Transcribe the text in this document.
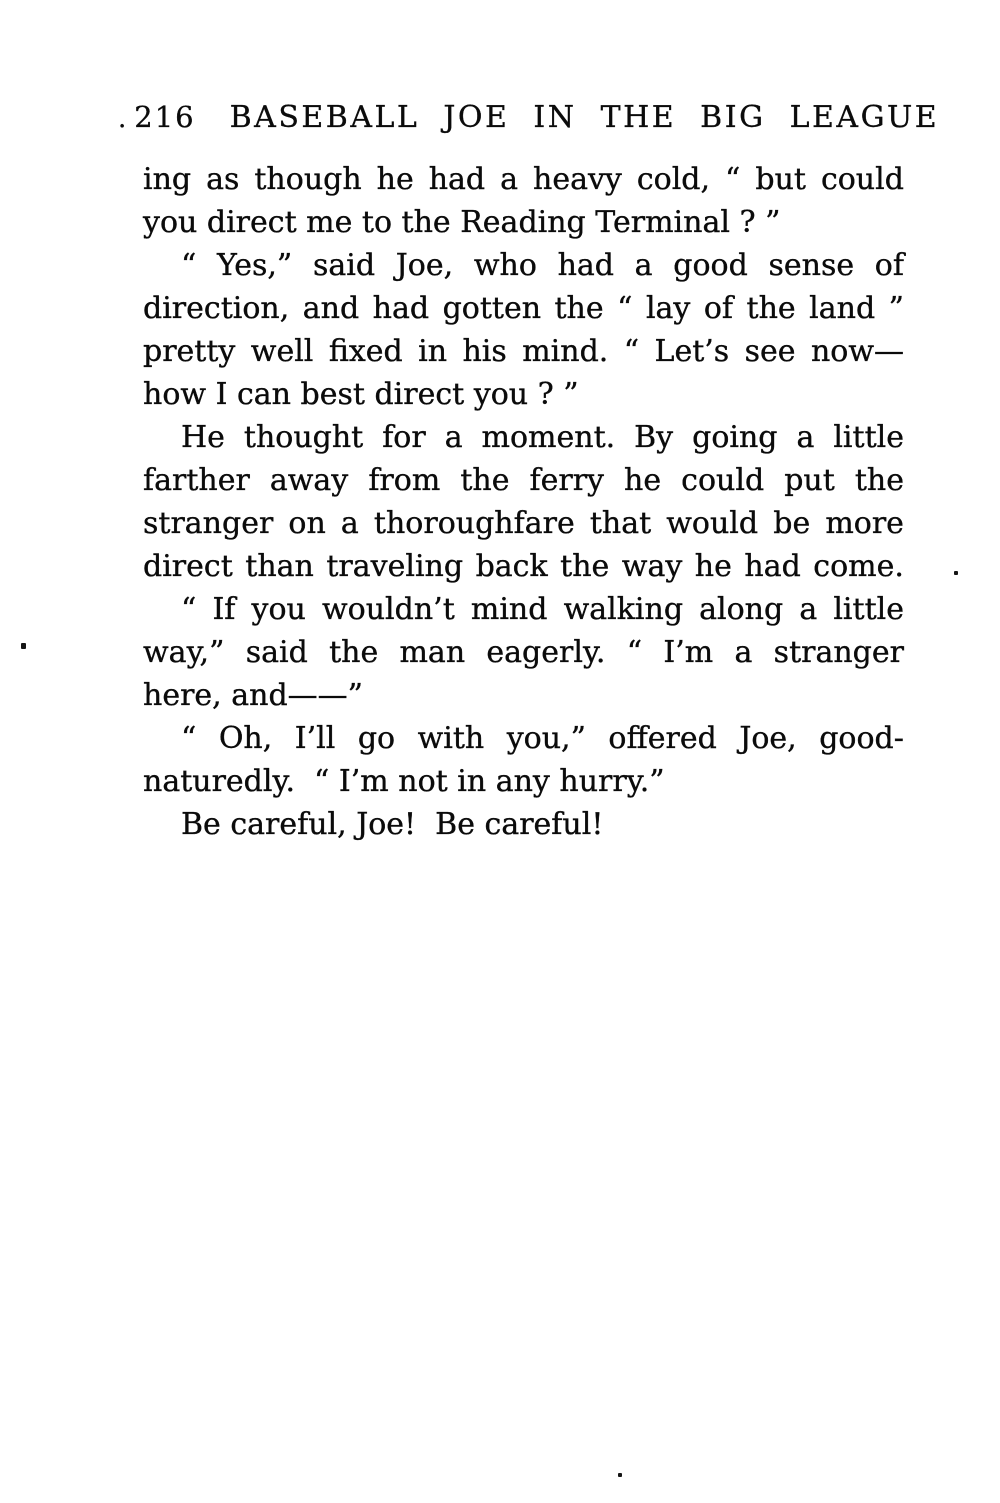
. 216 BASEBALL JOE IN THE BIG LEAGUE
ing as though he had a heavy cold, “ but could
you direct me to the Reading Terminal ? ”
“ Yes,” said Joe, who had a good sense of
direction, and had gotten the “ lay of the land ”
pretty well fixed in his mind. “ Let’s see now—
how I can best direct you ? ”
He thought for a moment. By going a little
farther away from the ferry he could put the
stranger on a thoroughfare that would be more
direct than traveling back the way he had come.
“ If you wouldn’t mind walking along a little
way,” said the man eagerly. “ I’m a stranger
here, and——”
“ Oh, I’ll go with you,” offered Joe, good-
naturedly.  “ I’m not in any hurry.”
Be careful, Joe!  Be careful!
